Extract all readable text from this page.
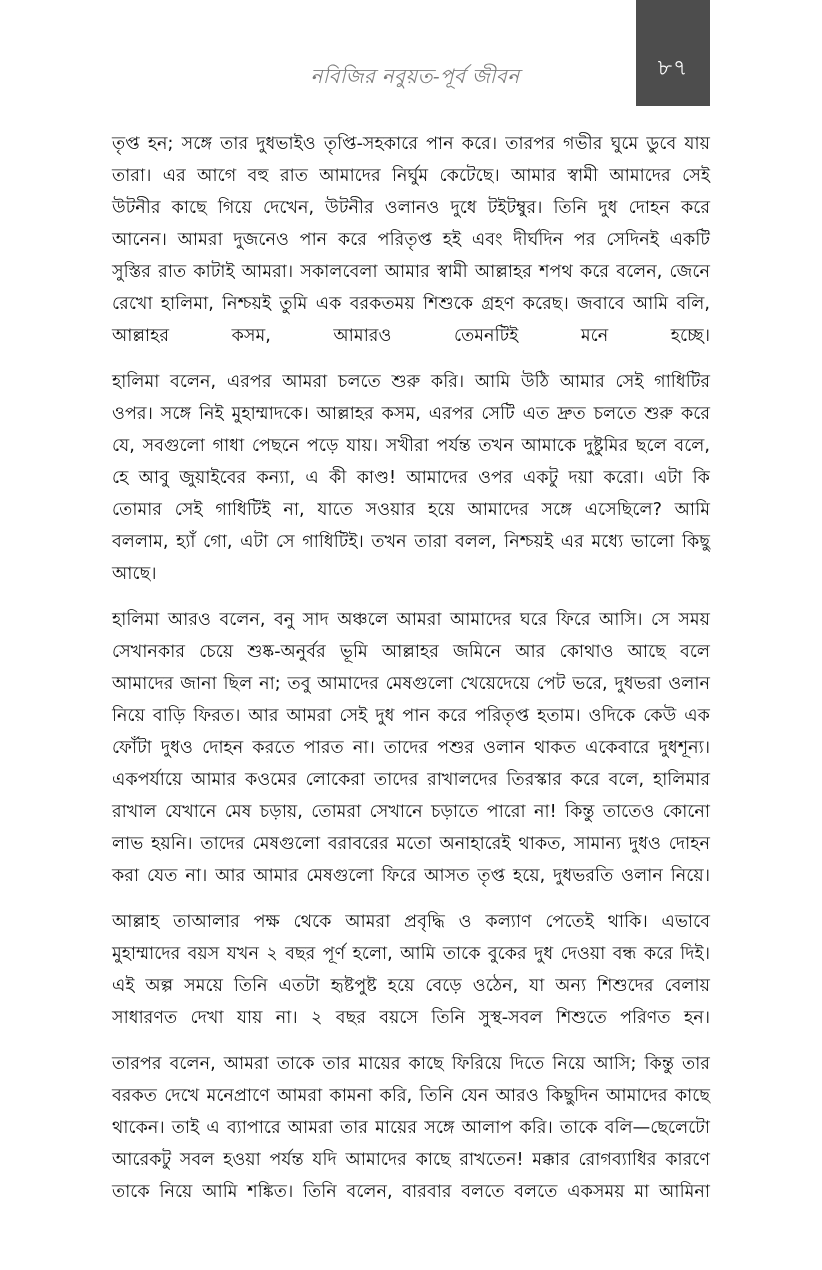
নবিজির নবুয়ত-পূর্ব জীবন	৮৭

তৃপ্ত হন; সঙ্গে তার দুধভাইও তৃপ্তি-সহকারে পান করে। তারপর গভীর ঘুমে ডুবে যায় তারা। এর আগে বহু রাত আমাদের নির্ঘুম কেটেছে। আমার স্বামী আমাদের সেই উটনীর কাছে গিয়ে দেখেন, উটনীর ওলানও দুধে টইটম্বুর। তিনি দুধ দোহন করে আনেন। আমরা দুজনেও পান করে পরিতৃপ্ত হই এবং দীর্ঘদিন পর সেদিনই একটি সুস্তির রাত কাটাই আমরা। সকালবেলা আমার স্বামী আল্লাহর শপথ করে বলেন, জেনে রেখো হালিমা, নিশ্চয়ই তুমি এক বরকতময় শিশুকে গ্রহণ করেছ। জবাবে আমি বলি, আল্লাহর কসম, আমারও তেমনটিই মনে হচ্ছে।

হালিমা বলেন, এরপর আমরা চলতে শুরু করি। আমি উঠি আমার সেই গাধিটির ওপর। সঙ্গে নিই মুহাম্মাদকে। আল্লাহর কসম, এরপর সেটি এত দ্রুত চলতে শুরু করে যে, সবগুলো গাধা পেছনে পড়ে যায়। সখীরা পর্যন্ত তখন আমাকে দুষ্টুমির ছলে বলে, হে আবু জুয়াইবের কন্যা, এ কী কাণ্ড! আমাদের ওপর একটু দয়া করো। এটা কি তোমার সেই গাধিটিই না, যাতে সওয়ার হয়ে আমাদের সঙ্গে এসেছিলে? আমি বললাম, হ্যাঁ গো, এটা সে গাধিটিই। তখন তারা বলল, নিশ্চয়ই এর মধ্যে ভালো কিছু আছে।

হালিমা আরও বলেন, বনু সাদ অঞ্চলে আমরা আমাদের ঘরে ফিরে আসি। সে সময় সেখানকার চেয়ে শুষ্ক-অনুর্বর ভূমি আল্লাহর জমিনে আর কোথাও আছে বলে আমাদের জানা ছিল না; তবু আমাদের মেষগুলো খেয়েদেয়ে পেট ভরে, দুধভরা ওলান নিয়ে বাড়ি ফিরত। আর আমরা সেই দুধ পান করে পরিতৃপ্ত হতাম। ওদিকে কেউ এক ফোঁটা দুধও দোহন করতে পারত না। তাদের পশুর ওলান থাকত একেবারে দুধশূন্য। একপর্যায়ে আমার কওমের লোকেরা তাদের রাখালদের তিরস্কার করে বলে, হালিমার রাখাল যেখানে মেষ চড়ায়, তোমরা সেখানে চড়াতে পারো না! কিন্তু তাতেও কোনো লাভ হয়নি। তাদের মেষগুলো বরাবরের মতো অনাহারেই থাকত, সামান্য দুধও দোহন করা যেত না। আর আমার মেষগুলো ফিরে আসত তৃপ্ত হয়ে, দুধভরতি ওলান নিয়ে।

আল্লাহ তাআলার পক্ষ থেকে আমরা প্রবৃদ্ধি ও কল্যাণ পেতেই থাকি। এভাবে মুহাম্মাদের বয়স যখন ২ বছর পূর্ণ হলো, আমি তাকে বুকের দুধ দেওয়া বন্ধ করে দিই। এই অল্প সময়ে তিনি এতটা হৃষ্টপুষ্ট হয়ে বেড়ে ওঠেন, যা অন্য শিশুদের বেলায় সাধারণত দেখা যায় না। ২ বছর বয়সে তিনি সুস্থ-সবল শিশুতে পরিণত হন।

তারপর বলেন, আমরা তাকে তার মায়ের কাছে ফিরিয়ে দিতে নিয়ে আসি; কিন্তু তার বরকত দেখে মনেপ্রাণে আমরা কামনা করি, তিনি যেন আরও কিছুদিন আমাদের কাছে থাকেন। তাই এ ব্যাপারে আমরা তার মায়ের সঙ্গে আলাপ করি। তাকে বলি—ছেলেটো আরেকটু সবল হওয়া পর্যন্ত যদি আমাদের কাছে রাখতেন! মক্কার রোগব্যাধির কারণে তাকে নিয়ে আমি শঙ্কিত। তিনি বলেন, বারবার বলতে বলতে একসময় মা আমিনা
